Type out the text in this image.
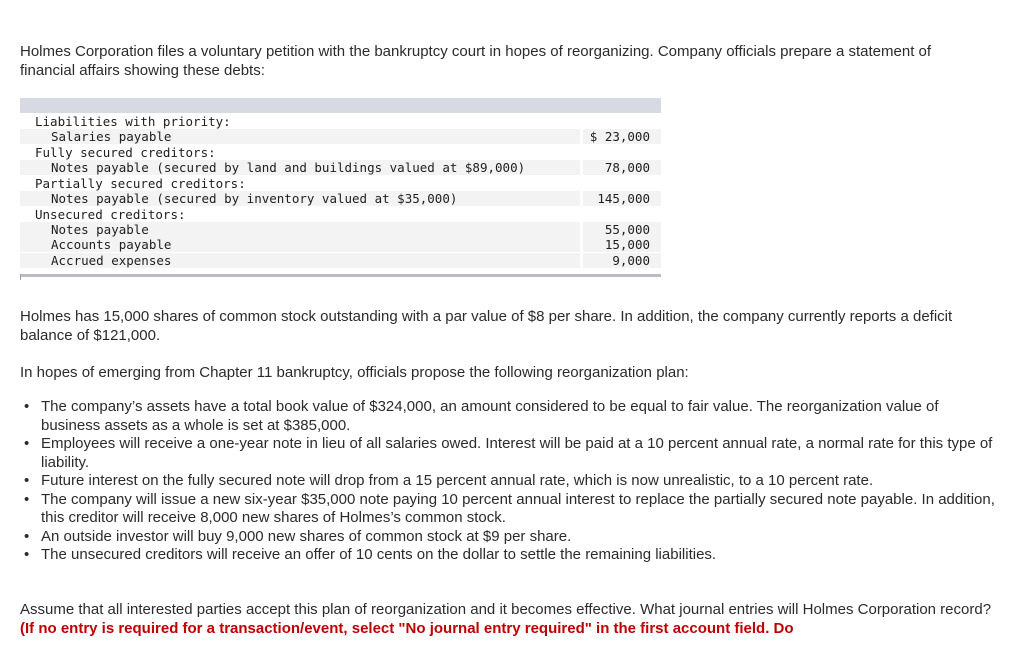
Holmes Corporation files a voluntary petition with the bankruptcy court in hopes of reorganizing. Company officials prepare a statement of financial affairs showing these debts:

Liabilities with priority:
Salaries payable	$ 23,000
Fully secured creditors:
Notes payable (secured by land and buildings valued at $89,000)	78,000
Partially secured creditors:
Notes payable (secured by inventory valued at $35,000)	145,000
Unsecured creditors:
Notes payable	55,000
Accounts payable	15,000
Accrued expenses	9,000

Holmes has 15,000 shares of common stock outstanding with a par value of $8 per share. In addition, the company currently reports a deficit balance of $121,000.

In hopes of emerging from Chapter 11 bankruptcy, officials propose the following reorganization plan:

• The company’s assets have a total book value of $324,000, an amount considered to be equal to fair value. The reorganization value of business assets as a whole is set at $385,000.
• Employees will receive a one-year note in lieu of all salaries owed. Interest will be paid at a 10 percent annual rate, a normal rate for this type of liability.
• Future interest on the fully secured note will drop from a 15 percent annual rate, which is now unrealistic, to a 10 percent rate.
• The company will issue a new six-year $35,000 note paying 10 percent annual interest to replace the partially secured note payable. In addition, this creditor will receive 8,000 new shares of Holmes’s common stock.
• An outside investor will buy 9,000 new shares of common stock at $9 per share.
• The unsecured creditors will receive an offer of 10 cents on the dollar to settle the remaining liabilities.

Assume that all interested parties accept this plan of reorganization and it becomes effective. What journal entries will Holmes Corporation record? (If no entry is required for a transaction/event, select "No journal entry required" in the first account field. Do
